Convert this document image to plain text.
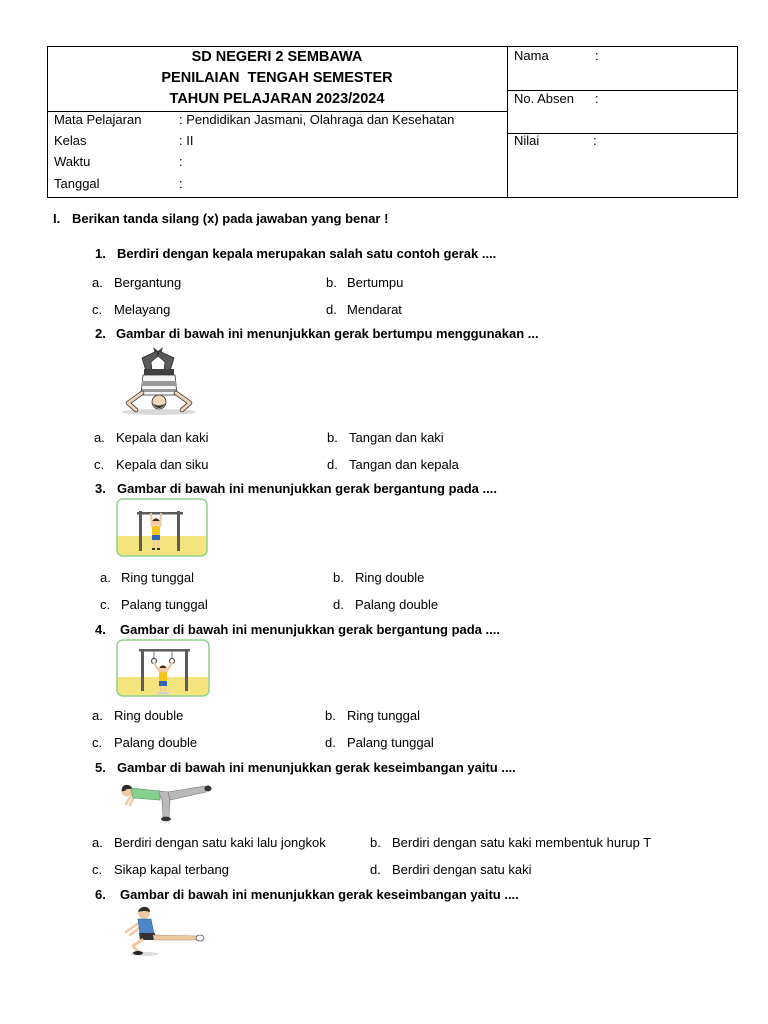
SD NEGERI 2 SEMBAWA
PENILAIAN  TENGAH SEMESTER
TAHUN PELAJARAN 2023/2024
Mata Pelajaran	: Pendidikan Jasmani, Olahraga dan Kesehatan
Kelas	: II
Waktu	:
Tanggal	:
Nama	:
No. Absen :
Nilai	:
I. Berikan tanda silang (x) pada jawaban yang benar !
1. Berdiri dengan kepala merupakan salah satu contoh gerak ....
a. Bergantung	b. Bertumpu
c. Melayang	d. Mendarat
2. Gambar di bawah ini menunjukkan gerak bertumpu menggunakan ...
a. Kepala dan kaki	b. Tangan dan kaki
c. Kepala dan siku	d. Tangan dan kepala
3. Gambar di bawah ini menunjukkan gerak bergantung pada ....
a. Ring tunggal	b. Ring double
c. Palang tunggal	d. Palang double
4. Gambar di bawah ini menunjukkan gerak bergantung pada ....
a. Ring double	b. Ring tunggal
c. Palang double	d. Palang tunggal
5. Gambar di bawah ini menunjukkan gerak keseimbangan yaitu ....
a. Berdiri dengan satu kaki lalu jongkok	b. Berdiri dengan satu kaki membentuk hurup T
c. Sikap kapal terbang	d. Berdiri dengan satu kaki
6. Gambar di bawah ini menunjukkan gerak keseimbangan yaitu ....
